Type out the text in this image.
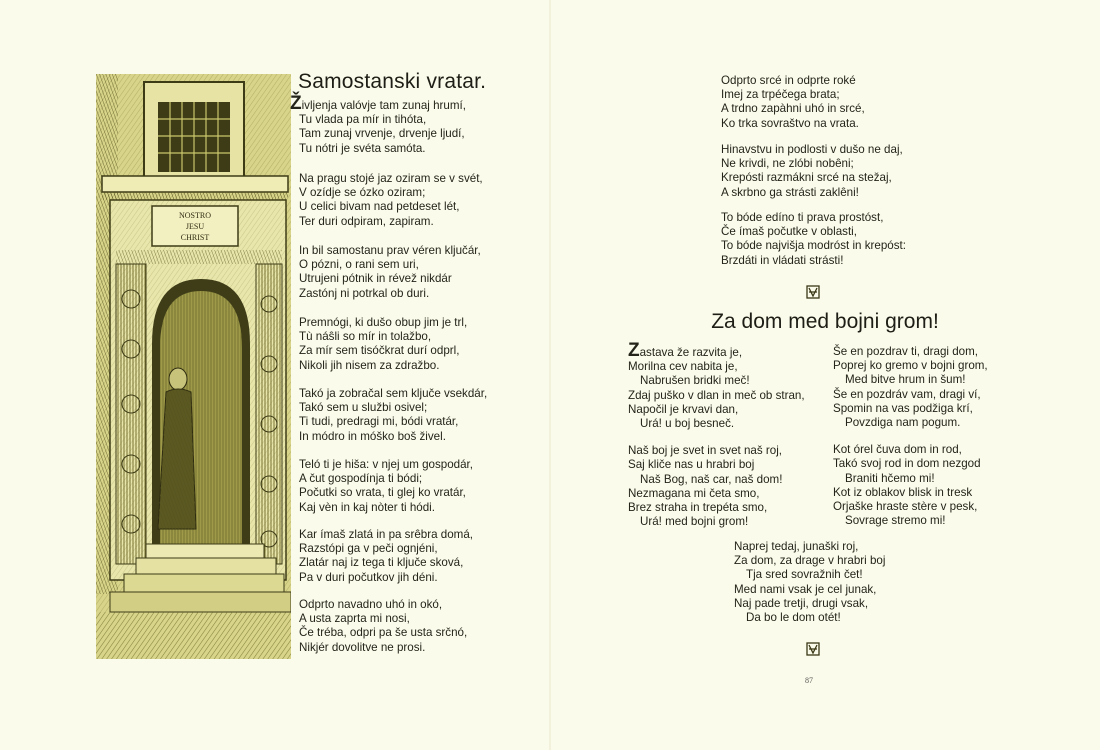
NOSTRO
JESU
CHRIST
Samostanski vratar.
Življenja valóvje tam zunaj hrumí,
Tu vlada pa mír in tihóta,
Tam zunaj vrvenje, drvenje ljudí,
Tu nótri je svéta samóta.
Na pragu stojé jaz oziram se v svét,
V ozídje se ózko oziram;
U celici bivam nad petdeset lét,
Ter duri odpiram, zapiram.
In bil samostanu prav véren ključár,
O pózni, o rani sem uri,
Utrujeni pótnik in révež nikdár
Zastónj ni potrkal ob duri.
Premnógi, ki dušo obup jim je trl,
Tù náŝli so mír in tolažbo,
Za mír sem tisóčkrat durí odprl,
Nikoli jih nisem za zdražbo.
Takó ja zobračal sem ključe vsekdár,
Takó sem u službi osivel;
Ti tudi, predragi mi, bódi vratár,
In módro in móško boš živel.
Teló ti je hiša: v njej um gospodár,
A čut gospodínja ti bódi;
Počutki so vrata, ti glej ko vratár,
Kaj vèn in kaj nòter ti hódi.
Kar ímaš zlatá in pa srêbra domá,
Razstópi ga v peči ognjéni,
Zlatár naj iz tega ti ključe sková,
Pa v duri počutkov jih déni.
Odprto navadno uhó in okó,
A usta zaprta mi nosi,
Če tréba, odpri pa še usta srčnó,
Nikjér dovolitve ne prosi.
Odprto srcé in odprte roké
Imej za trpéčega brata;
A trdno zapàhni uhó in srcé,
Ko trka sovraštvo na vrata.
Hinavstvu in podlosti v dušo ne daj,
Ne krivdi, ne zlóbi nobêni;
Krepósti razmákni srcé na stežaj,
A skrbno ga strásti zaklêni!
To bóde edíno ti prava prostóst,
Če ímaš počutke v oblasti,
To bóde najvišja modróst in krepóst:
Brzdáti in vládati strásti!
Za dom med bojni grom!
Zastava že razvita je,
Morilna cev nabita je,
Nabrušen bridki meč!
Zdaj puško v dlan in meč ob stran,
Napočil je krvavi dan,
Urá! u boj besneč.
Naš boj je svet in svet naš roj,
Saj kliče nas u hrabri boj
Naš Bog, naš car, naš dom!
Nezmagana mi četa smo,
Brez straha in trepéta smo,
Urá! med bojni grom!
Še en pozdrav ti, dragi dom,
Poprej ko gremo v bojni grom,
Med bitve hrum in šum!
Še en pozdráv vam, dragi ví,
Spomin na vas podžiga krí,
Povzdiga nam pogum.
Kot órel čuva dom in rod,
Takó svoj rod in dom nezgod
Braniti hčemo mi!
Kot iz oblakov blisk in tresk
Orjaške hraste stère v pesk,
Sovrage stremo mi!
Naprej tedaj, junaški roj,
Za dom, za drage v hrabri boj
Tja sred sovražnih čet!
Med nami vsak je cel junak,
Naj pade tretji, drugi vsak,
Da bo le dom otét!
87
